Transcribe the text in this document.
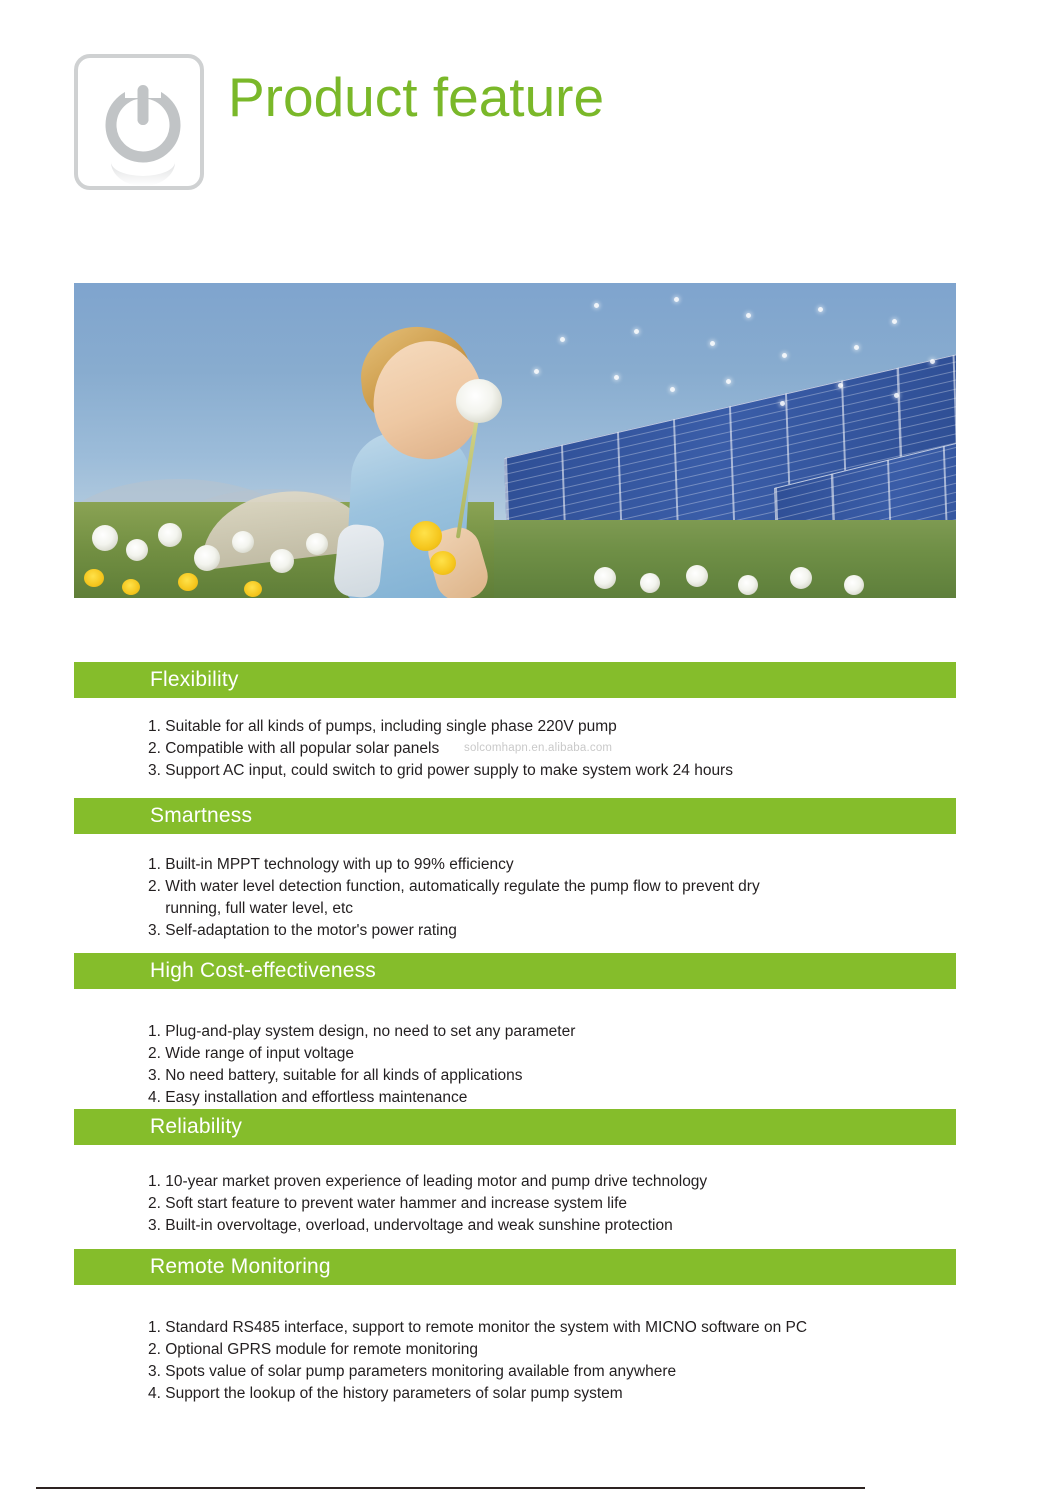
Product feature
Flexibility
1. Suitable for all kinds of pumps, including single phase 220V pump
2. Compatible with all popular solar panels
3. Support AC input, could switch to grid power supply to make system work 24 hours
solcomhapn.en.alibaba.com
Smartness
1. Built-in MPPT technology with up to 99% efficiency
2. With water level detection function, automatically regulate the pump flow to prevent dry
running, full water level, etc
3. Self-adaptation to the motor's power rating
High Cost-effectiveness
1. Plug-and-play system design, no need to set any parameter
2. Wide range of input voltage
3. No need battery, suitable for all kinds of applications
4. Easy installation and effortless maintenance
Reliability
1. 10-year market proven experience of leading motor and pump drive technology
2. Soft start feature to prevent water hammer and increase system life
3. Built-in overvoltage, overload, undervoltage and weak sunshine protection
Remote Monitoring
1. Standard RS485 interface, support to remote monitor the system with MICNO software on PC
2. Optional GPRS module for remote monitoring
3. Spots value of solar pump parameters monitoring available from anywhere
4. Support the lookup of the history parameters of solar pump system
